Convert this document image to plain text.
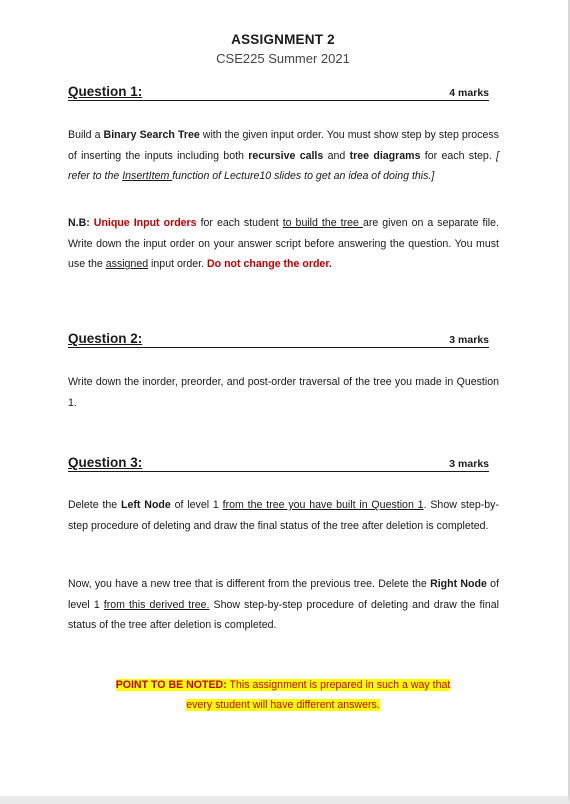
ASSIGNMENT 2
CSE225 Summer 2021
Question 1:	4 marks
Build a Binary Search Tree with the given input order. You must show step by step process of inserting the inputs including both recursive calls and tree diagrams for each step. [ refer to the InsertItem function of Lecture10 slides to get an idea of doing this.]
N.B: Unique Input orders for each student to build the tree are given on a separate file. Write down the input order on your answer script before answering the question. You must use the assigned input order. Do not change the order.
Question 2:	3 marks
Write down the inorder, preorder, and post-order traversal of the tree you made in Question 1.
Question 3:	3 marks
Delete the Left Node of level 1 from the tree you have built in Question 1. Show step-by-step procedure of deleting and draw the final status of the tree after deletion is completed.
Now, you have a new tree that is different from the previous tree. Delete the Right Node of level 1 from this derived tree. Show step-by-step procedure of deleting and draw the final status of the tree after deletion is completed.
POINT TO BE NOTED: This assignment is prepared in such a way that
every student will have different answers.
